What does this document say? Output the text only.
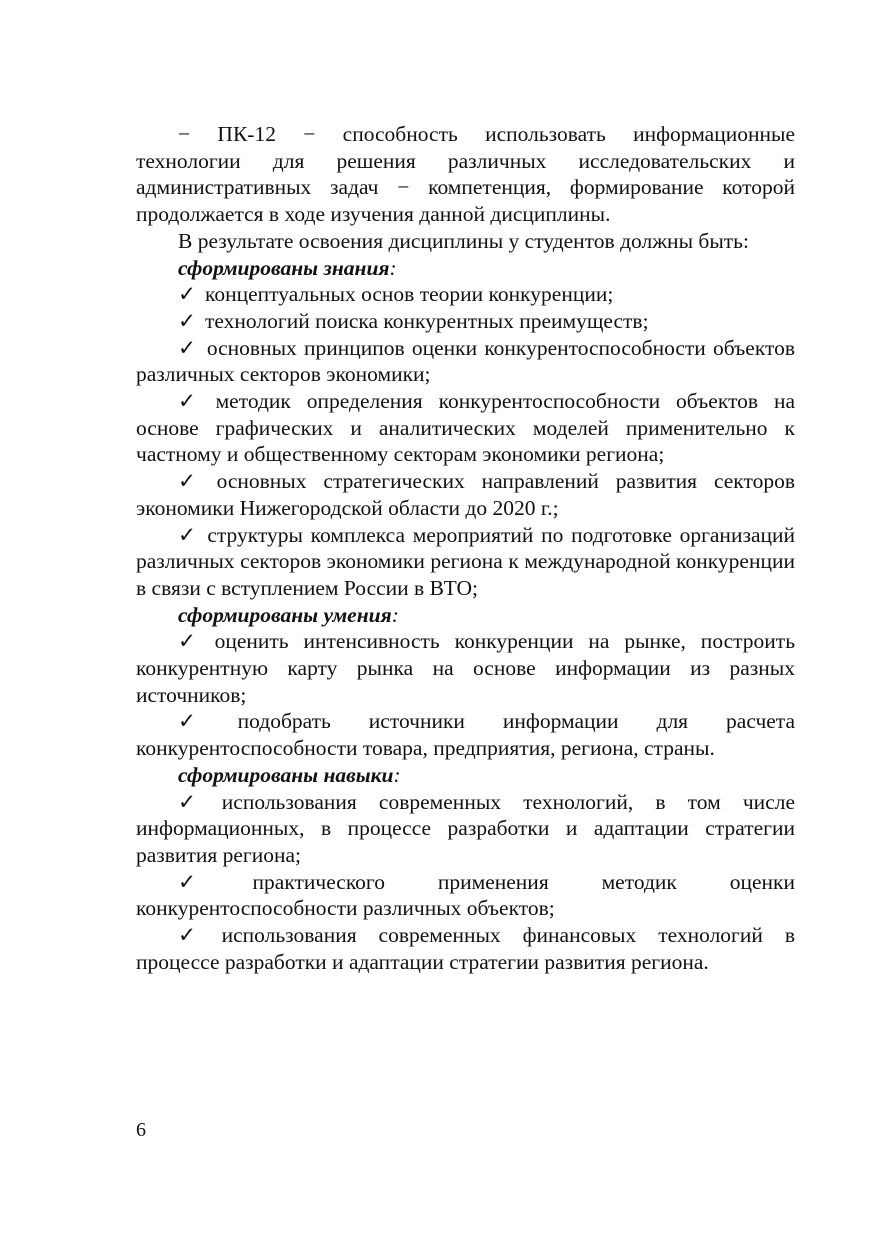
− ПК-12 − способность использовать информационные технологии для решения различных исследовательских и административных задач − компетенция, формирование которой продолжается в ходе изучения данной дисциплины.

В результате освоения дисциплины у студентов должны быть:

сформированы знания:

✓ концептуальных основ теории конкуренции;

✓ технологий поиска конкурентных преимуществ;

✓ основных принципов оценки конкурентоспособности объектов различных секторов экономики;

✓ методик определения конкурентоспособности объектов на основе графических и аналитических моделей применительно к частному и общественному секторам экономики региона;

✓ основных стратегических направлений развития секторов экономики Нижегородской области до 2020 г.;

✓ структуры комплекса мероприятий по подготовке организаций различных секторов экономики региона к международной конкуренции в связи с вступлением России в ВТО;

сформированы умения:

✓ оценить интенсивность конкуренции на рынке, построить конкурентную карту рынка на основе информации из разных источников;

✓ подобрать источники информации для расчета конкурентоспособности товара, предприятия, региона, страны.

сформированы навыки:

✓ использования современных технологий, в том числе информационных, в процессе разработки и адаптации стратегии развития региона;

✓ практического применения методик оценки конкурентоспособности различных объектов;

✓ использования современных финансовых технологий в процессе разработки и адаптации стратегии развития региона.

6
